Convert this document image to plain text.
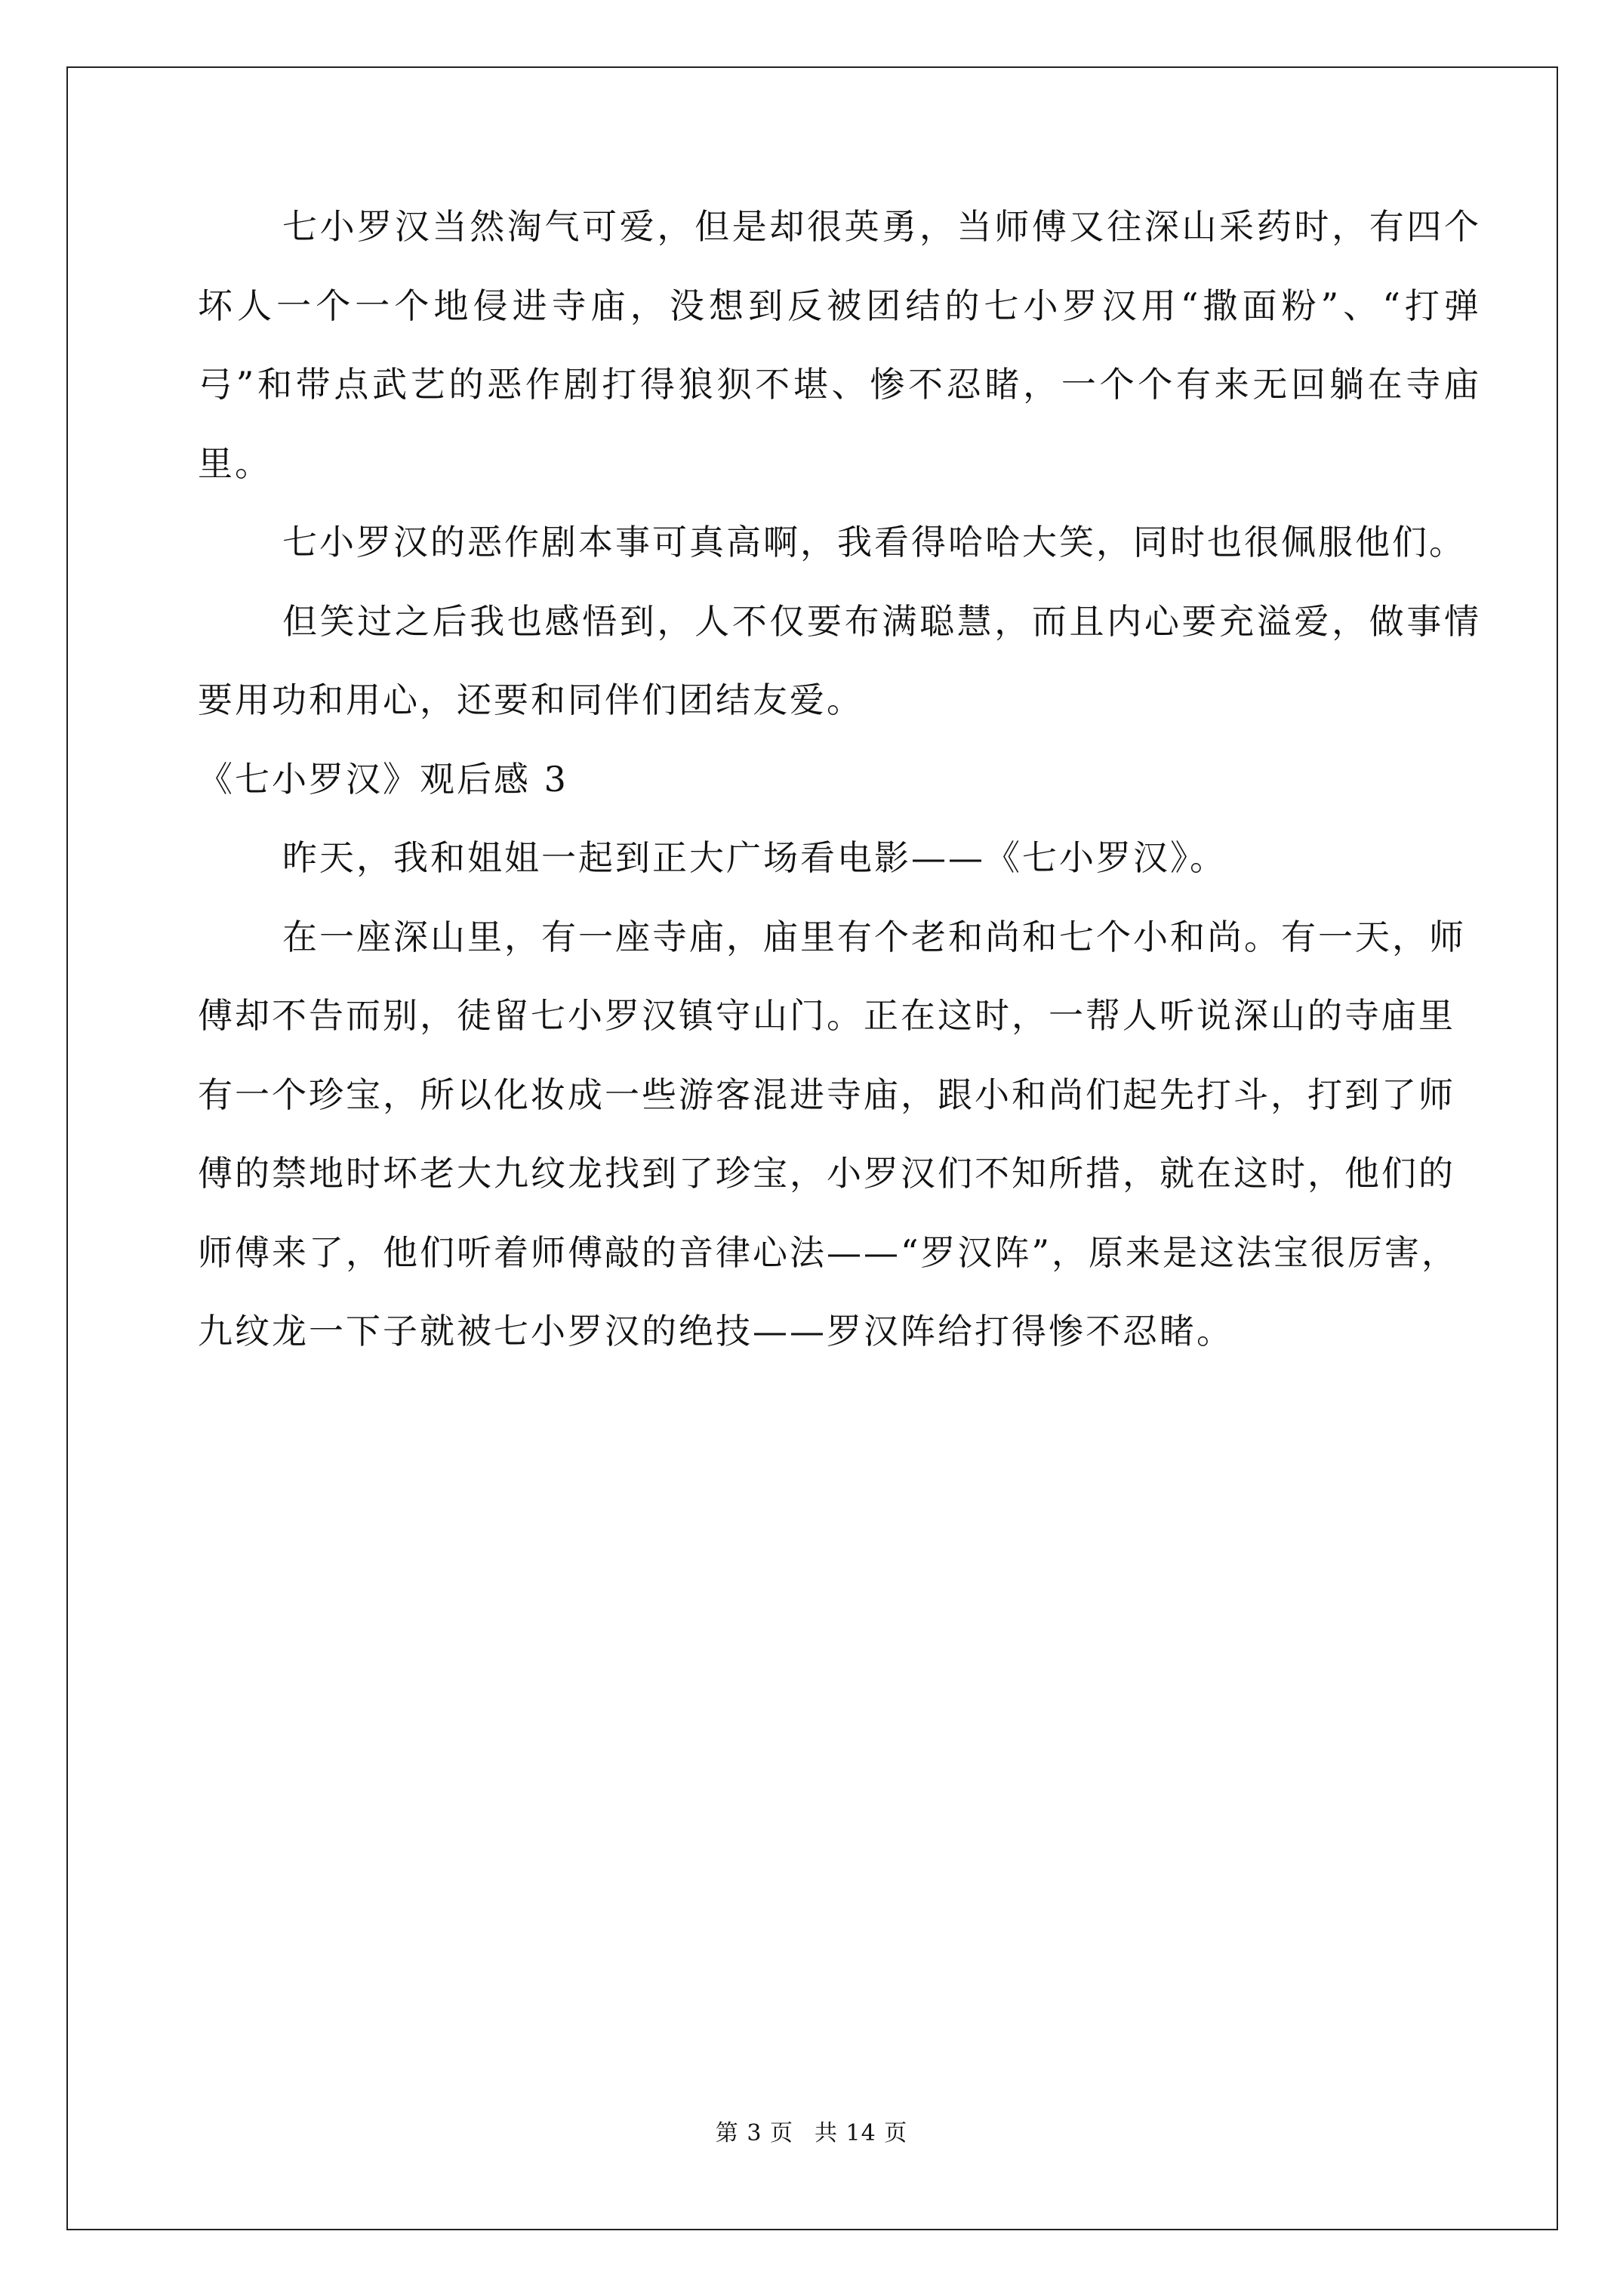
七小罗汉当然淘气可爱，但是却很英勇，当师傅又往深山采药时，有四个坏人一个一个地侵进寺庙，没想到反被团结的七小罗汉用“撒面粉”、“打弹弓”和带点武艺的恶作剧打得狼狈不堪、惨不忍睹，一个个有来无回躺在寺庙里。

七小罗汉的恶作剧本事可真高啊，我看得哈哈大笑，同时也很佩服他们。

但笑过之后我也感悟到，人不仅要布满聪慧，而且内心要充溢爱，做事情要用功和用心，还要和同伴们团结友爱。

《七小罗汉》观后感 3

昨天，我和姐姐一起到正大广场看电影——《七小罗汉》。

在一座深山里，有一座寺庙，庙里有个老和尚和七个小和尚。有一天，师傅却不告而别，徒留七小罗汉镇守山门。正在这时，一帮人听说深山的寺庙里有一个珍宝，所以化妆成一些游客混进寺庙，跟小和尚们起先打斗，打到了师傅的禁地时坏老大九纹龙找到了珍宝，小罗汉们不知所措，就在这时，他们的师傅来了，他们听着师傅敲的音律心法——“罗汉阵”，原来是这法宝很厉害，九纹龙一下子就被七小罗汉的绝技——罗汉阵给打得惨不忍睹。

第 3 页 共 14 页
